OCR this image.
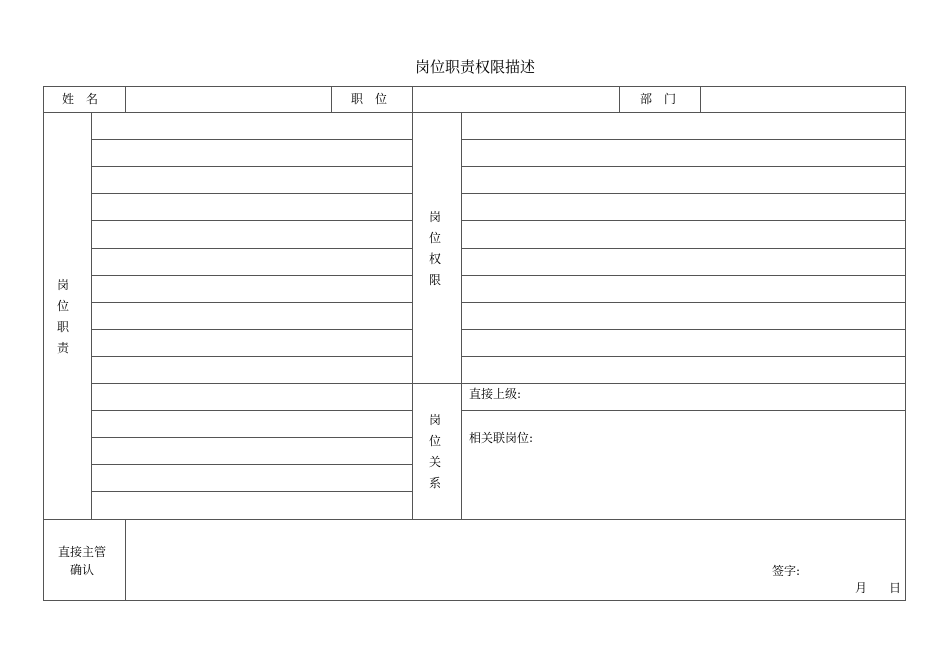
岗位职责权限描述
姓　名	职　位	部　门
岗
位
职
责
岗
位
权
限
岗
位
关
系
直接上级:
相关联岗位:
直接主管
确认	签字:
月 日
